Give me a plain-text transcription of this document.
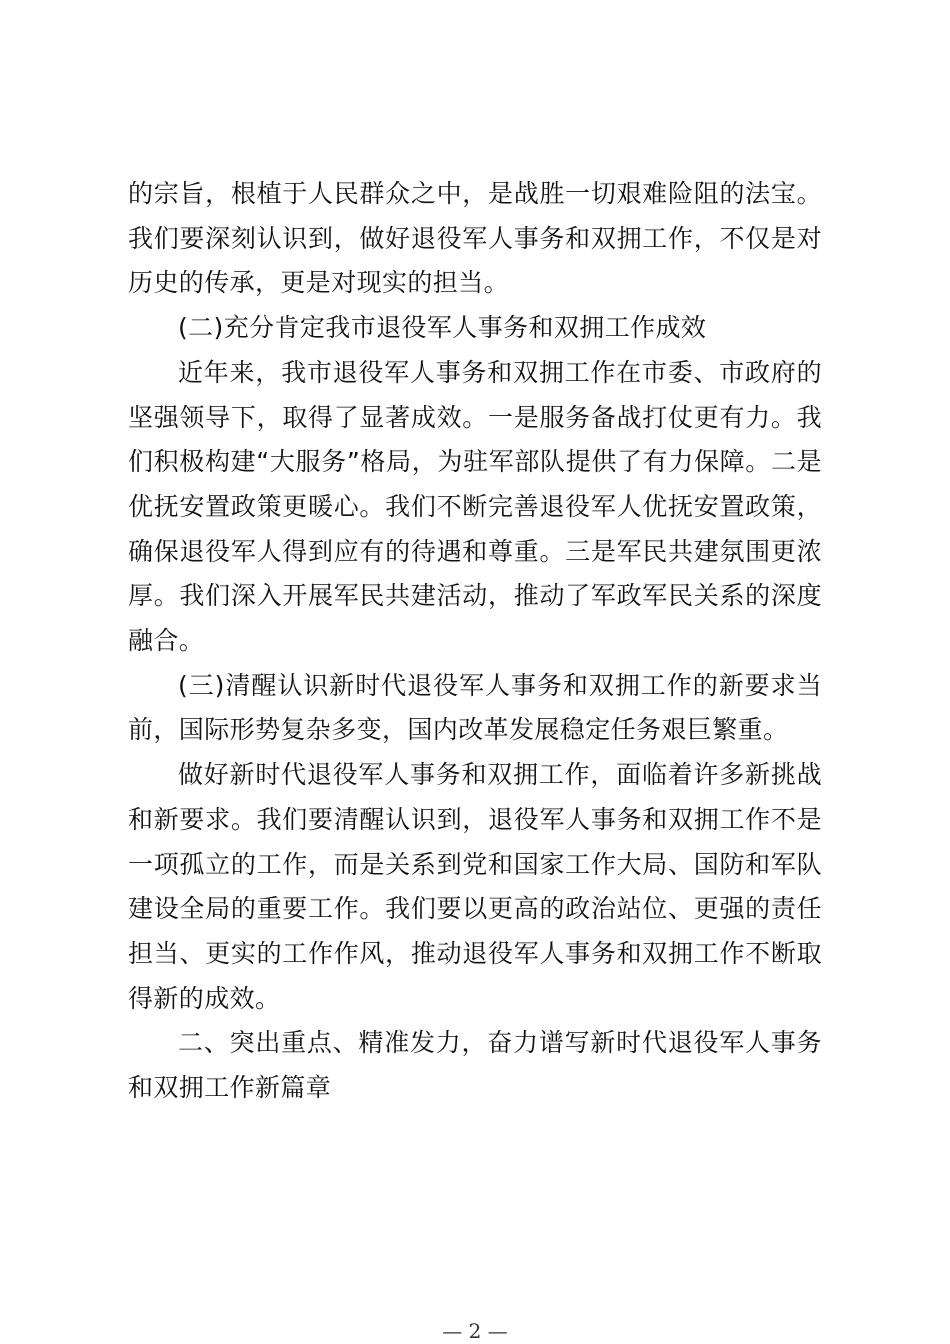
的宗旨，根植于人民群众之中，是战胜一切艰难险阻的法宝。我们要深刻认识到，做好退役军人事务和双拥工作，不仅是对历史的传承，更是对现实的担当。

(二)充分肯定我市退役军人事务和双拥工作成效

近年来，我市退役军人事务和双拥工作在市委、市政府的坚强领导下，取得了显著成效。一是服务备战打仗更有力。我们积极构建“大服务”格局，为驻军部队提供了有力保障。二是优抚安置政策更暖心。我们不断完善退役军人优抚安置政策，确保退役军人得到应有的待遇和尊重。三是军民共建氛围更浓厚。我们深入开展军民共建活动，推动了军政军民关系的深度融合。

(三)清醒认识新时代退役军人事务和双拥工作的新要求当前，国际形势复杂多变，国内改革发展稳定任务艰巨繁重。

做好新时代退役军人事务和双拥工作，面临着许多新挑战和新要求。我们要清醒认识到，退役军人事务和双拥工作不是一项孤立的工作，而是关系到党和国家工作大局、国防和军队建设全局的重要工作。我们要以更高的政治站位、更强的责任担当、更实的工作作风，推动退役军人事务和双拥工作不断取得新的成效。

二、突出重点、精准发力，奋力谱写新时代退役军人事务和双拥工作新篇章

— 2 —
